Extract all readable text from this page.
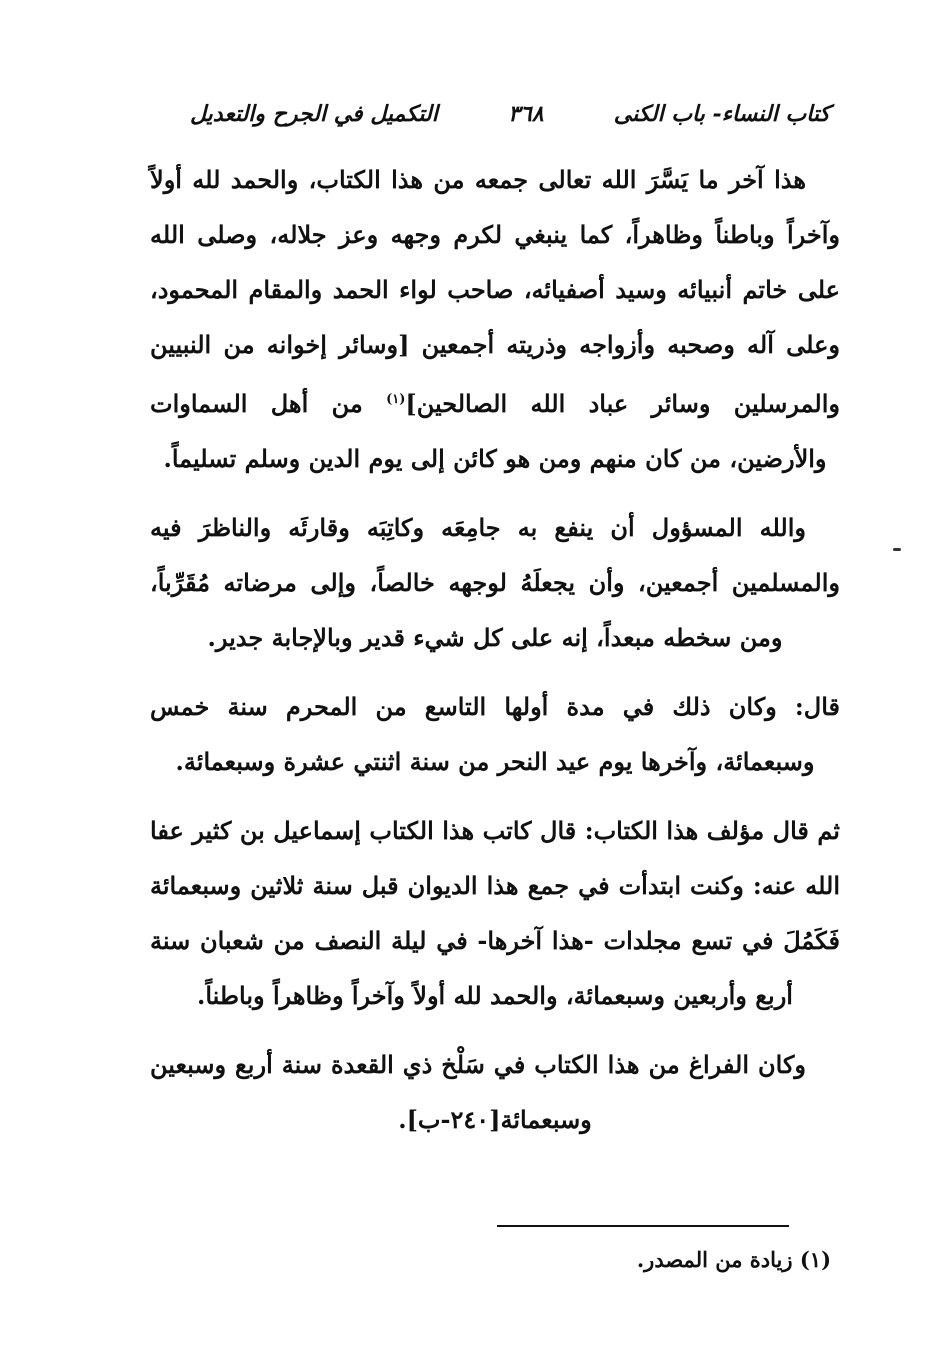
التكميل في الجرح والتعديل	٣٦٨	كتاب النساء- باب الكنى

هذا آخر ما يَسَّرَ الله تعالى جمعه من هذا الكتاب، والحمد لله أولاً وآخراً وباطناً وظاهراً، كما ينبغي لكرم وجهه وعز جلاله، وصلى الله على خاتم أنبيائه وسيد أصفيائه، صاحب لواء الحمد والمقام المحمود، وعلى آله وصحبه وأزواجه وذريته أجمعين [وسائر إخوانه من النبيين والمرسلين وسائر عباد الله الصالحين]$^{(١)}$ من أهل السماوات والأرضين، من كان منهم ومن هو كائن إلى يوم الدين وسلم تسليماً.

والله المسؤول أن ينفع به جامِعَه وكاتِبَه وقارئَه والناظرَ فيه والمسلمين أجمعين، وأن يجعلَهُ لوجهه خالصاً، وإلى مرضاته مُقَرِّباً، ومن سخطه مبعداً، إنه على كل شيء قدير وبالإجابة جدير.

قال: وكان ذلك في مدة أولها التاسع من المحرم سنة خمس وسبعمائة، وآخرها يوم عيد النحر من سنة اثنتي عشرة وسبعمائة.

ثم قال مؤلف هذا الكتاب: قال كاتب هذا الكتاب إسماعيل بن كثير عفا الله عنه: وكنت ابتدأت في جمع هذا الديوان قبل سنة ثلاثين وسبعمائة فَكَمُلَ في تسع مجلدات -هذا آخرها- في ليلة النصف من شعبان سنة أربع وأربعين وسبعمائة، والحمد لله أولاً وآخراً وظاهراً وباطناً.

وكان الفراغ من هذا الكتاب في سَلْخ ذي القعدة سنة أربع وسبعين وسبعمائة[٢٤٠-ب].

(١) زيادة من المصدر.
